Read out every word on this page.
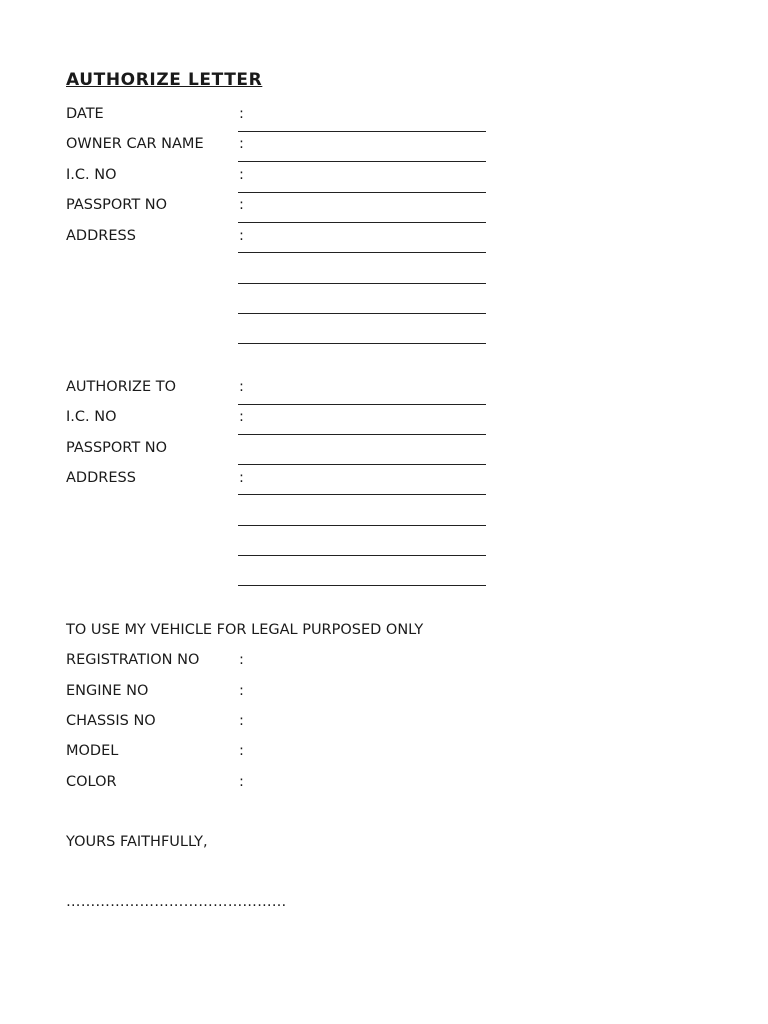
AUTHORIZE LETTER
DATE	:
OWNER CAR NAME :
I.C. NO	:
PASSPORT NO	:
ADDRESS	:
AUTHORIZE TO	:
I.C. NO	:
PASSPORT NO
ADDRESS	:
TO USE MY VEHICLE FOR LEGAL PURPOSED ONLY
REGISTRATION NO	:
ENGINE NO	:
CHASSIS NO	:
MODEL	:
COLOR	:
YOURS FAITHFULLY,
………………………………………
